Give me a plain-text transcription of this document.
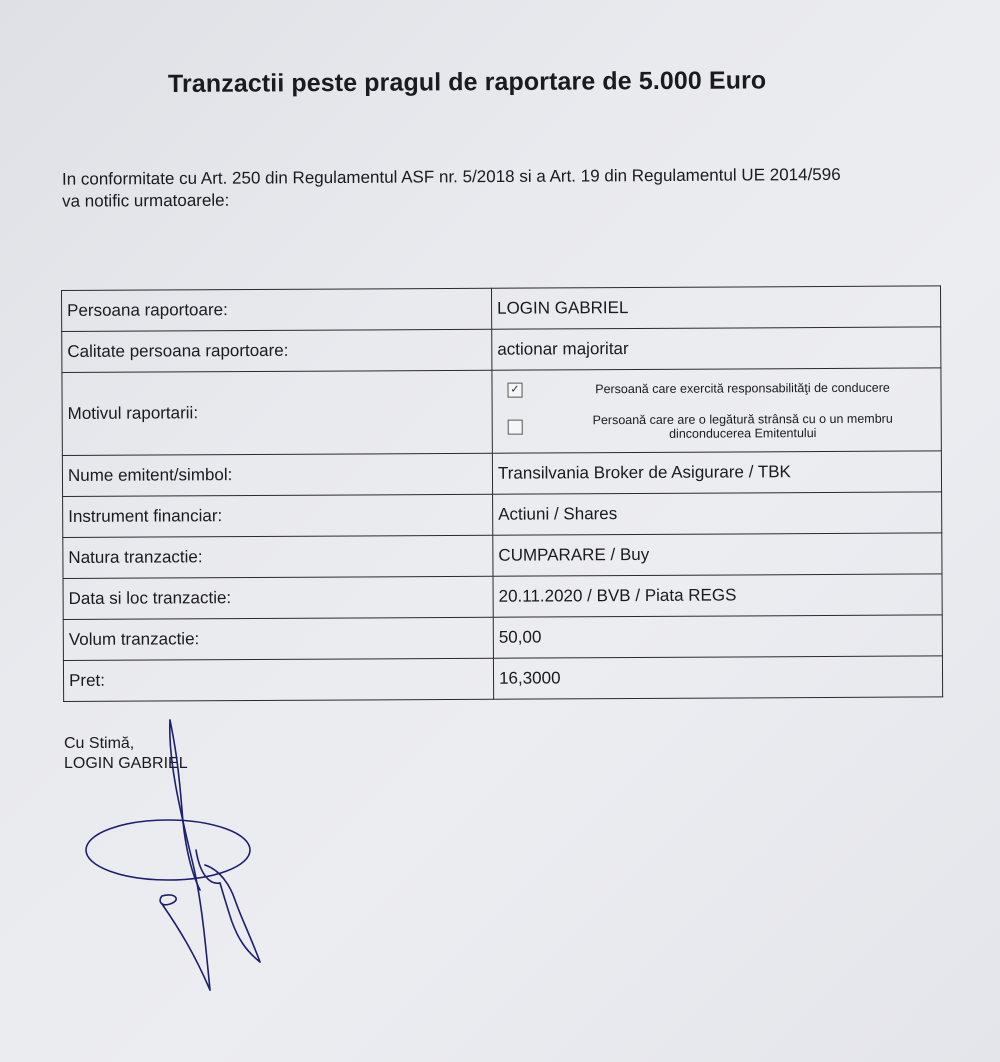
Tranzactii peste pragul de raportare de 5.000 Euro
In conformitate cu Art. 250 din Regulamentul ASF nr. 5/2018 si a Art. 19 din Regulamentul UE 2014/596
va notific urmatoarele:
Persoana raportoare:	LOGIN GABRIEL
Calitate persoana raportoare:	actionar majoritar
Motivul raportarii:	✓ Persoană care exercită responsabilităţi de conducere
Persoană care are o legătură strânsă cu o un membru
dinconducerea Emitentului

Nume emitent/simbol:	Transilvania Broker de Asigurare / TBK
Instrument financiar:	Actiuni / Shares
Natura tranzactie:	CUMPARARE / Buy
Data si loc tranzactie:	20.11.2020 / BVB / Piata REGS
Volum tranzactie:	50,00
Pret:	16,3000
Cu Stimă,
LOGIN GABRIEL
